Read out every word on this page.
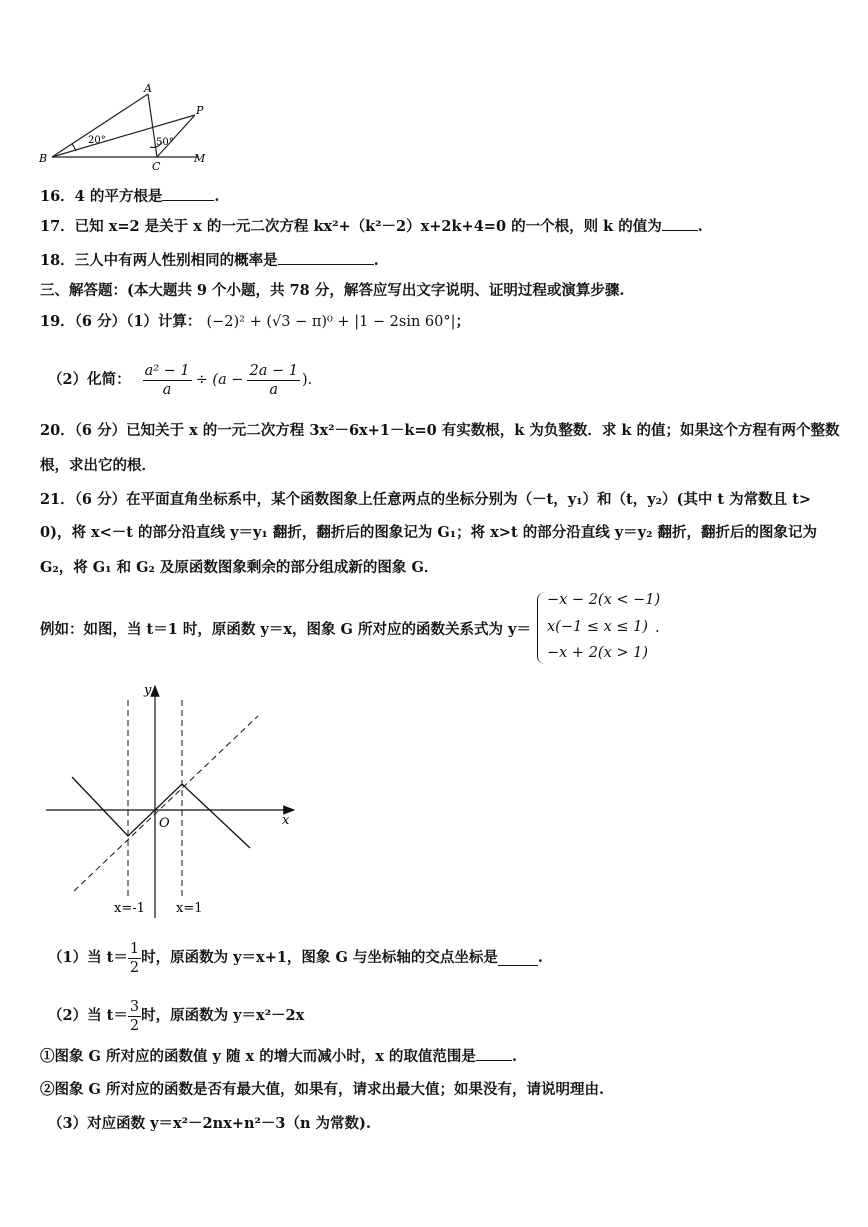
A
P
B
C
M
20°	50°
16．4 的平方根是	.
17．已知 x=2 是关于 x 的一元二次方程 kx²+（k²－2）x+2k+4=0 的一个根，则 k 的值为 .
18．三人中有两人性别相同的概率是	.
三、解答题：(本大题共 9 个小题，共 78 分，解答应写出文字说明、证明过程或演算步骤.
19．（6 分）（1）计算： (−2)² + (√3 − π)⁰ + |1 − 2sin 60°|；
（2）化简： $\frac{\text{a² − 1}}{a} \div (a - \frac{2a - 1}{a}$ ).
20．（6 分）已知关于 x 的一元二次方程 3x²－6x+1－k=0 有实数根，k 为负整数．求 k 的值；如果这个方程有两个整数
根，求出它的根．
21．（6 分）在平面直角坐标系中，某个函数图象上任意两点的坐标分别为（－t，y₁）和（t，y₂）(其中 t 为常数且 t>
0)，将 x<－t 的部分沿直线 y＝y₁ 翻折，翻折后的图象记为 G₁；将 x>t 的部分沿直线 y＝y₂ 翻折，翻折后的图象记为
G₂，将 G₁ 和 G₂ 及原函数图象剩余的部分组成新的图象 G．
例如：如图，当 t＝1 时，原函数 y＝x，图象 G 所对应的函数关系式为 y＝
−x − 2(x < −1)
x(−1 ≤ x ≤ 1)
−x + 2(x > 1)
.
y
x
O
x=-1 x=1
（1）当 $t= \frac{1}{2}$ 时，原函数为 y＝x+1，图象 G 与坐标轴的交点坐标是	.
（2）当 $t= \frac{3}{2}$ 时，原函数为 y＝x²－2x
①图象 G 所对应的函数值 y 随 x 的增大而减小时，x 的取值范围是 .
②图象 G 所对应的函数是否有最大值，如果有，请求出最大值；如果没有，请说明理由.
（3）对应函数 y＝x²－2nx+n²－3（n 为常数).
